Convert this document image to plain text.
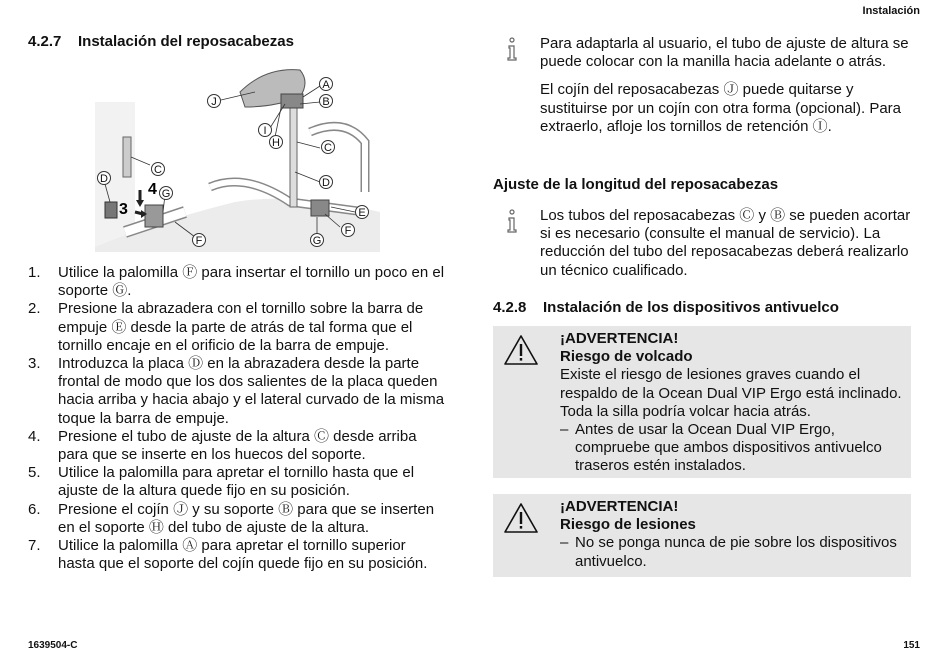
Instalación
4.2.7 Instalación del reposacabezas
3
4
A
B
C
D
E
F
G
H
I
J
C
D
G
F
1. Utilice la palomilla Ⓕ para insertar el tornillo un poco en el soporte Ⓖ.
2. Presione la abrazadera con el tornillo sobre la barra de empuje Ⓔ desde la parte de atrás de tal forma que el tornillo encaje en el orificio de la barra de empuje.
3. Introduzca la placa Ⓓ en la abrazadera desde la parte frontal de modo que los dos salientes de la placa queden hacia arriba y hacia abajo y el lateral curvado de la misma toque la barra de empuje.
4. Presione el tubo de ajuste de la altura Ⓒ desde arriba para que se inserte en los huecos del soporte.
5. Utilice la palomilla para apretar el tornillo hasta que el ajuste de la altura quede fijo en su posición.
6. Presione el cojín Ⓙ y su soporte Ⓑ para que se inserten en el soporte Ⓗ del tubo de ajuste de la altura.
7. Utilice la palomilla Ⓐ para apretar el tornillo superior hasta que el soporte del cojín quede fijo en su posición.

Para adaptarla al usuario, el tubo de ajuste de altura se puede colocar con la manilla hacia adelante o atrás.

El cojín del reposacabezas Ⓙ puede quitarse y sustituirse por un cojín con otra forma (opcional). Para extraerlo, afloje los tornillos de retención Ⓘ.

Ajuste de la longitud del reposacabezas

Los tubos del reposacabezas Ⓒ y Ⓑ se pueden acortar si es necesario (consulte el manual de servicio). La reducción del tubo del reposacabezas deberá realizarlo un técnico cualificado.

4.2.8 Instalación de los dispositivos antivuelco
¡ADVERTENCIA!
Riesgo de volcado
Existe el riesgo de lesiones graves cuando el respaldo de la Ocean Dual VIP Ergo está inclinado. Toda la silla podría volcar hacia atrás.
– Antes de usar la Ocean Dual VIP Ergo, compruebe que ambos dispositivos antivuelco traseros estén instalados.
¡ADVERTENCIA!
Riesgo de lesiones
– No se ponga nunca de pie sobre los dispositivos antivuelco.
1639504-C	151
